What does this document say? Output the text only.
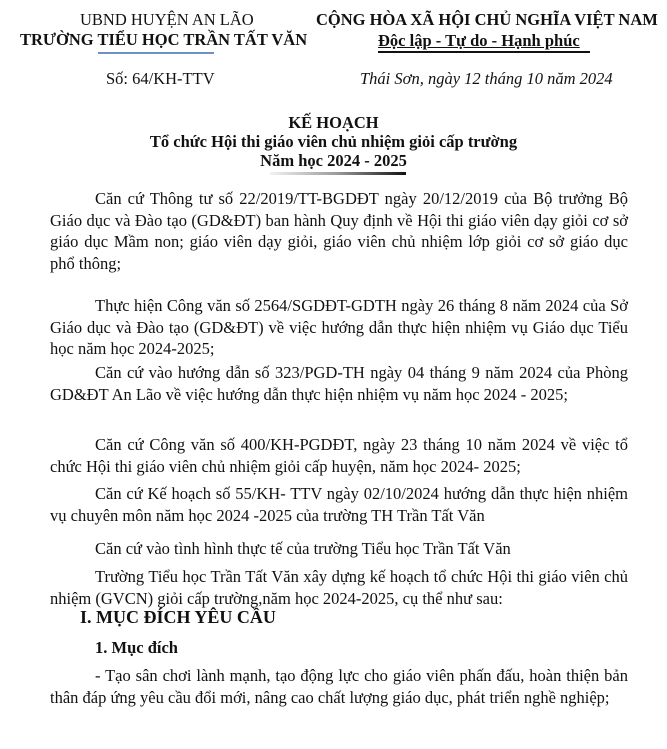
UBND HUYỆN AN LÃO
TRƯỜNG TIỂU HỌC TRẦN TẤT VĂN
CỘNG HÒA XÃ HỘI CHỦ NGHĨA VIỆT NAM
Độc lập - Tự do - Hạnh phúc
Số: 64/KH-TTV	Thái Sơn, ngày 12 tháng 10 năm 2024
KẾ HOẠCH
Tổ chức Hội thi giáo viên chủ nhiệm giỏi cấp trường
Năm học 2024 - 2025

Căn cứ Thông tư số 22/2019/TT-BGDĐT ngày 20/12/2019 của Bộ trưởng Bộ Giáo dục và Đào tạo (GD&ĐT) ban hành Quy định về Hội thi giáo viên dạy giỏi cơ sở giáo dục Mầm non; giáo viên dạy giỏi, giáo viên chủ nhiệm lớp giỏi cơ sở giáo dục phổ thông;

Thực hiện Công văn số 2564/SGDĐT-GDTH ngày 26 tháng 8 năm 2024 của Sở Giáo dục và Đào tạo (GD&ĐT) về việc hướng dẫn thực hiện nhiệm vụ Giáo dục Tiểu học năm học 2024-2025;

Căn cứ vào hướng dẫn số 323/PGD-TH ngày 04 tháng 9 năm 2024 của Phòng GD&ĐT An Lão về việc hướng dẫn thực hiện nhiệm vụ năm học 2024 - 2025;

Căn cứ Công văn số 400/KH-PGDĐT, ngày 23 tháng 10 năm 2024 về việc tổ chức Hội thi giáo viên chủ nhiệm giỏi cấp huyện, năm học 2024- 2025;

Căn cứ Kế hoạch số 55/KH- TTV ngày 02/10/2024 hướng dẫn thực hiện nhiệm vụ chuyên môn năm học 2024 -2025 của trường TH Trần Tất Văn

Căn cứ vào tình hình thực tế của trường Tiểu học Trần Tất Văn

Trường Tiểu học Trần Tất Văn xây dựng kế hoạch tổ chức Hội thi giáo viên chủ nhiệm (GVCN) giỏi cấp trường,năm học 2024-2025, cụ thể như sau:

I. MỤC ĐÍCH YÊU CẦU
1. Mục đích

- Tạo sân chơi lành mạnh, tạo động lực cho giáo viên phấn đấu, hoàn thiện bản thân đáp ứng yêu cầu đổi mới, nâng cao chất lượng giáo dục, phát triển nghề nghiệp;
